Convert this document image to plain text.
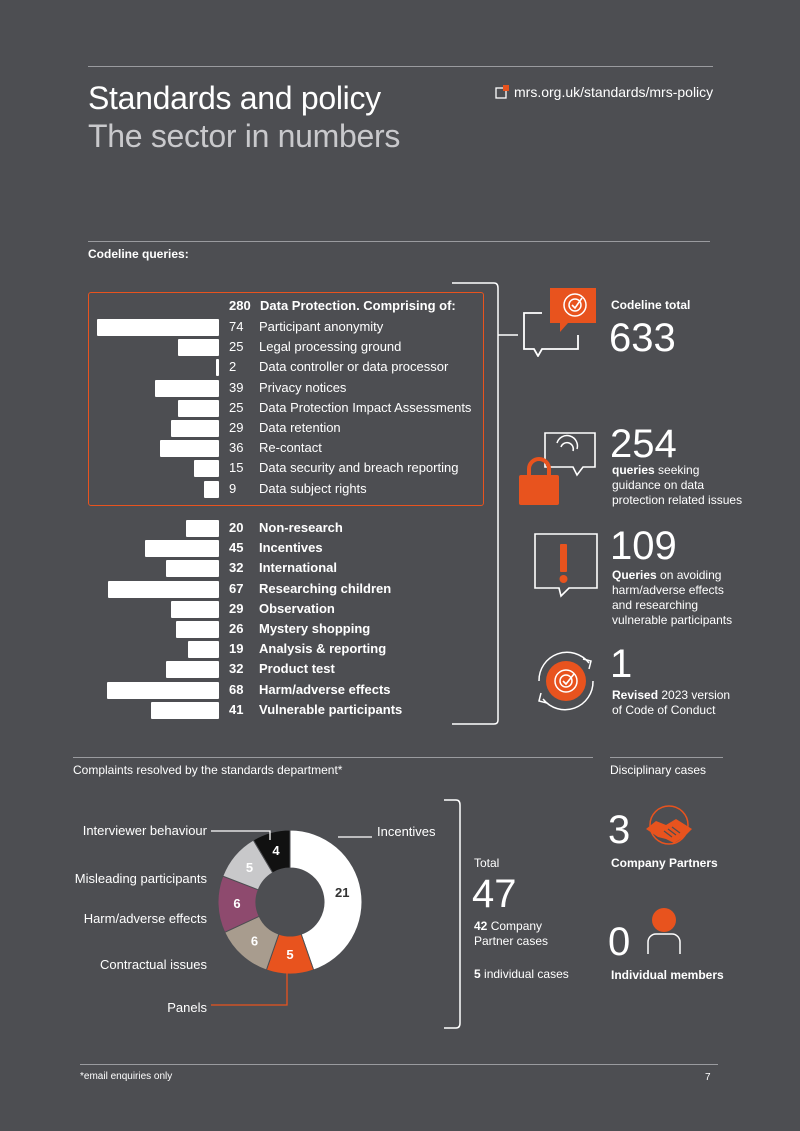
Standards and policy
The sector in numbers
mrs.org.uk/standards/mrs-policy
Codeline queries:
280 Data Protection. Comprising of:
74	Participant anonymity
25	Legal processing ground
2	Data controller or data processor
39	Privacy notices
25	Data Protection Impact Assessments
29	Data retention
36	Re-contact
15	Data security and breach reporting
9	Data subject rights
20	Non-research
45	Incentives
32	International
67	Researching children
29	Observation
26	Mystery shopping
19	Analysis & reporting
32	Product test
68	Harm/adverse effects
41	Vulnerable participants
Codeline total
633
254
queries seeking
guidance on data
protection related issues
109
Queries on avoiding
harm/adverse effects
and researching
vulnerable participants
1
Revised 2023 version
of Code of Conduct
Complaints resolved by the standards department*	Disciplinary cases
21
Incentives
5
Panels
6
Contractual issues
6
Harm/adverse effects
5
Misleading participants
4
Interviewer behaviour
Total
47
42 Company
Partner cases
5 individual cases
3
Company Partners
0
Individual members
*email enquiries only	7
